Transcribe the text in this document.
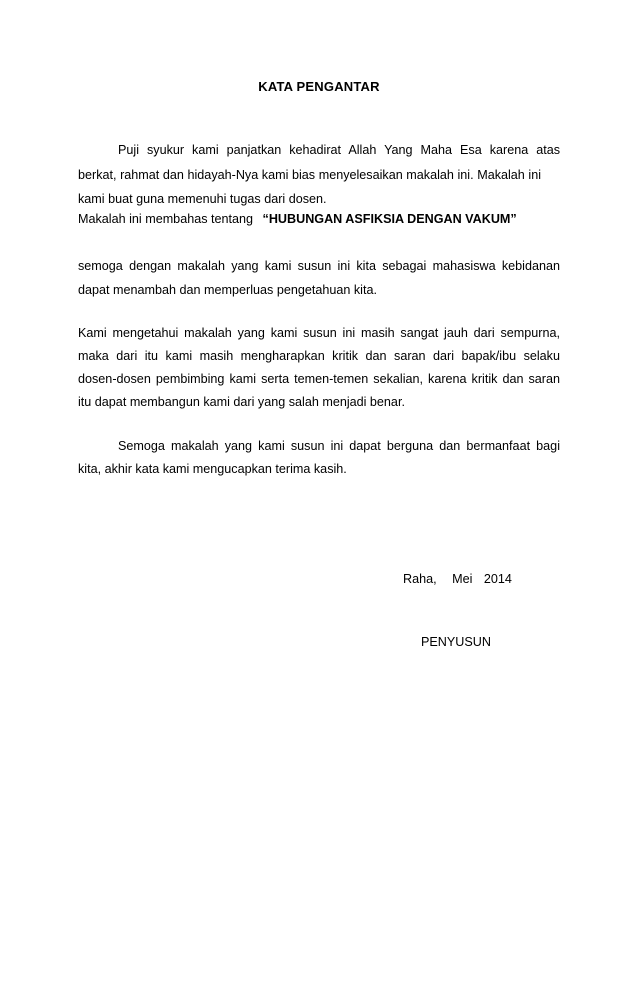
KATA PENGANTAR
Puji syukur kami panjatkan kehadirat Allah Yang Maha Esa karena atas
berkat, rahmat dan hidayah-Nya kami bias menyelesaikan makalah ini. Makalah ini
kami buat guna memenuhi tugas dari dosen.
Makalah ini membahas tentang “HUBUNGAN ASFIKSIA DENGAN VAKUM”
semoga dengan makalah yang kami susun ini kita sebagai mahasiswa kebidanan
dapat menambah dan memperluas pengetahuan kita.
Kami mengetahui makalah yang kami susun ini masih sangat jauh dari sempurna,
maka dari itu kami masih mengharapkan kritik dan saran dari bapak/ibu selaku
dosen-dosen pembimbing kami serta temen-temen sekalian, karena kritik dan saran
itu dapat membangun kami dari yang salah menjadi benar.
Semoga makalah yang kami susun ini dapat berguna dan bermanfaat bagi
kita, akhir kata kami mengucapkan terima kasih.
Raha, Mei 2014
PENYUSUN
